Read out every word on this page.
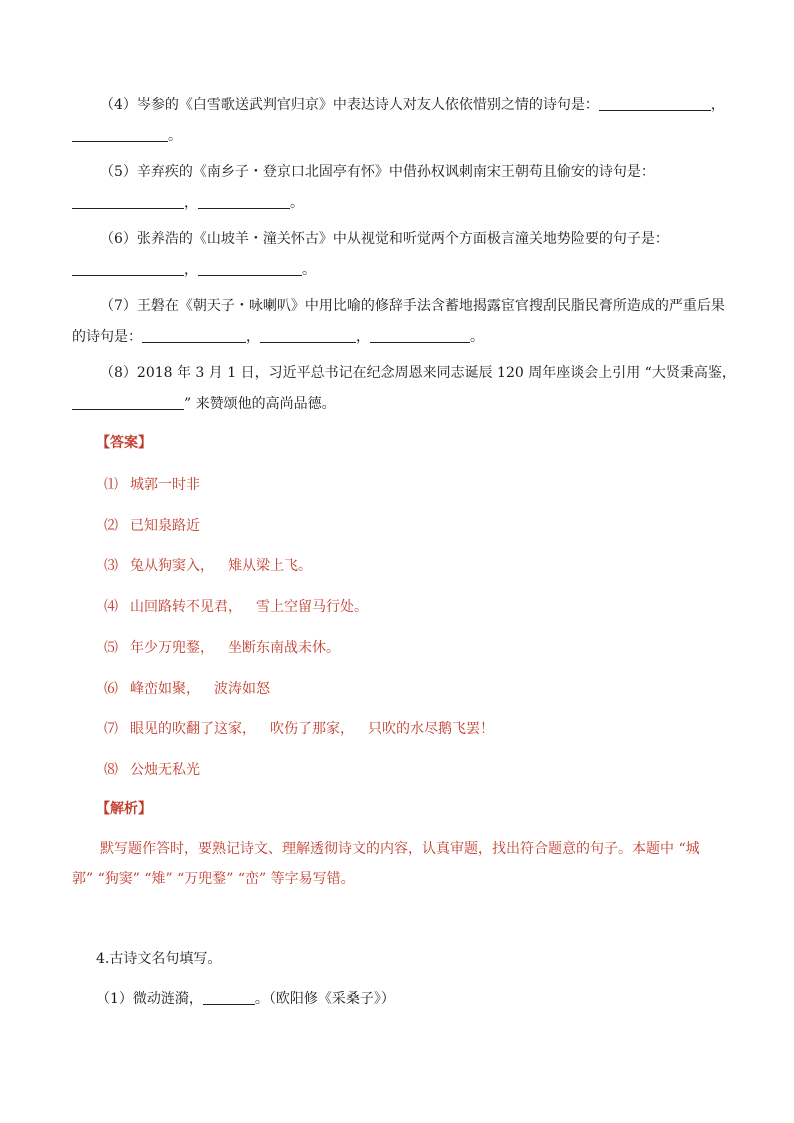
（4）岑参的《白雪歌送武判官归京》中表达诗人对友人依依惜别之情的诗句是：	，
。
（5）辛弃疾的《南乡子・登京口北固亭有怀》中借孙权讽刺南宋王朝苟且偷安的诗句是：
，	。
（6）张养浩的《山坡羊・潼关怀古》中从视觉和听觉两个方面极言潼关地势险要的句子是：
，	。
（7）王磐在《朝天子・咏喇叭》中用比喻的修辞手法含蓄地揭露宦官搜刮民脂民膏所造成的严重后果
的诗句是：	，	，	。
（8）2018 年 3 月 1 日，习近平总书记在纪念周恩来同志诞辰 120 周年座谈会上引用 “大贤秉高鉴，
” 来赞颂他的高尚品德。
【答案】
⑴ 城郭一时非
⑵ 已知泉路近
⑶ 兔从狗窦入， 雉从梁上飞。
⑷ 山回路转不见君， 雪上空留马行处。
⑸ 年少万兜鍪， 坐断东南战未休。
⑹ 峰峦如聚， 波涛如怒
⑺ 眼见的吹翻了这家， 吹伤了那家， 只吹的水尽鹅飞罢！
⑻ 公烛无私光
【解析】
默写题作答时，要熟记诗文、理解透彻诗文的内容，认真审题，找出符合题意的句子。本题中 “城
郭” “狗窦” “雉” “万兜鍪” “峦” 等字易写错。
4.古诗文名句填写。
（1）微动涟漪，	。（欧阳修《采桑子》）
